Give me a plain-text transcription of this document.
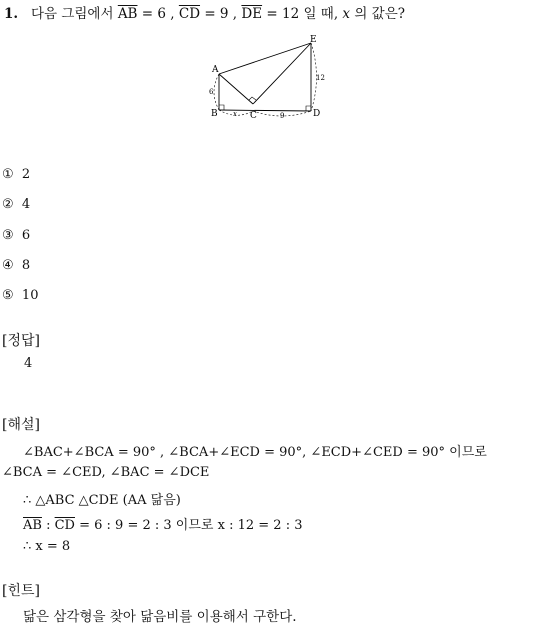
1. 다음 그림에서 $\overline{AB} = 6$ , $\overline{CD} = 9$ , $\overline{DE} = 12$ 일 때, x 의 값은?
A
B	C	D
E
6
x	9
12
① 2
② 4
③ 6
④ 8
⑤ 10
[정답]
4
[해설]
∠BAC+∠BCA = 90° , ∠BCA+∠ECD = 90°, ∠ECD+∠CED = 90° 이므로
∠BCA = ∠CED, ∠BAC = ∠DCE
∴ △ABC △CDE (AA 닮음)
$\overline{AB}$ : $\overline{CD} = 6$ : 9 = 2 : 3 이므로 x : 12 = 2 : 3
∴ x = 8
[힌트]
닮은 삼각형을 찾아 닮음비를 이용해서 구한다.
